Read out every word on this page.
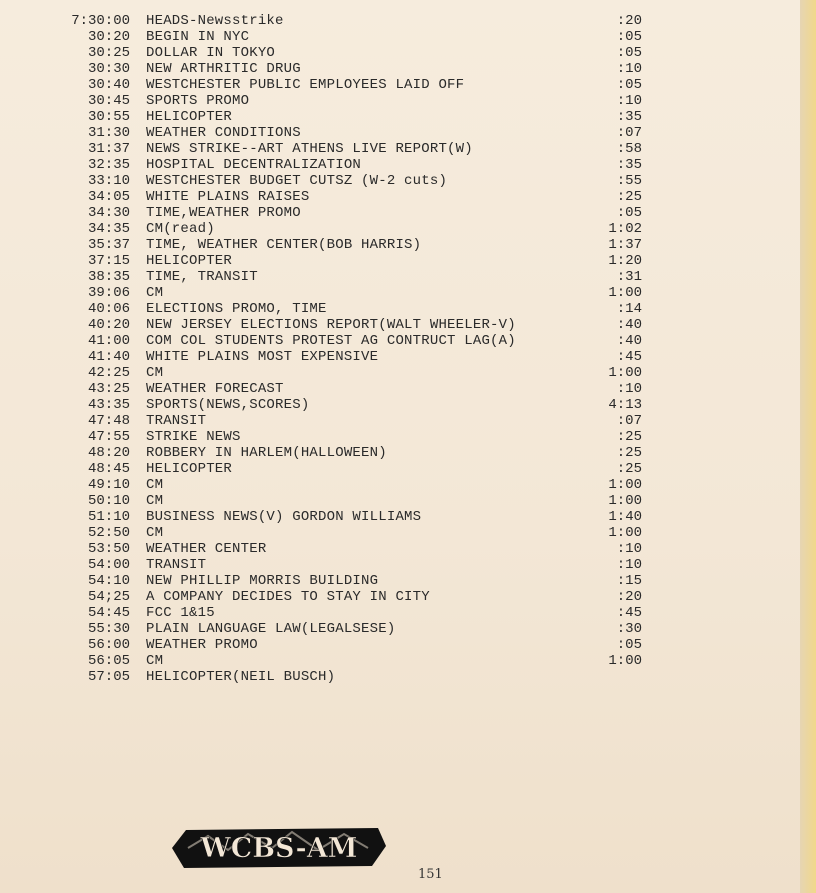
7:30:00 HEADS-Newsstrike	:20
30:20 BEGIN IN NYC	:05
30:25 DOLLAR IN TOKYO	:05
30:30 NEW ARTHRITIC DRUG	:10
30:40 WESTCHESTER PUBLIC EMPLOYEES LAID OFF	:05
30:45 SPORTS PROMO	:10
30:55 HELICOPTER	:35
31:30 WEATHER CONDITIONS	:07
31:37 NEWS STRIKE--ART ATHENS LIVE REPORT(W)	:58
32:35 HOSPITAL DECENTRALIZATION	:35
33:10 WESTCHESTER BUDGET CUTSZ (W-2 cuts)	:55
34:05 WHITE PLAINS RAISES	:25
34:30 TIME,WEATHER PROMO	:05
34:35 CM(read)	1:02
35:37 TIME, WEATHER CENTER(BOB HARRIS)	1:37
37:15 HELICOPTER	1:20
38:35 TIME, TRANSIT	:31
39:06 CM	1:00
40:06 ELECTIONS PROMO, TIME	:14
40:20 NEW JERSEY ELECTIONS REPORT(WALT WHEELER-V)	:40
41:00 COM COL STUDENTS PROTEST AG CONTRUCT LAG(A)	:40
41:40 WHITE PLAINS MOST EXPENSIVE	:45
42:25 CM	1:00
43:25 WEATHER FORECAST	:10
43:35 SPORTS(NEWS,SCORES)	4:13
47:48 TRANSIT	:07
47:55 STRIKE NEWS	:25
48:20 ROBBERY IN HARLEM(HALLOWEEN)	:25
48:45 HELICOPTER	:25
49:10 CM	1:00
50:10 CM	1:00
51:10 BUSINESS NEWS(V) GORDON WILLIAMS	1:40
52:50 CM	1:00
53:50 WEATHER CENTER	:10
54:00 TRANSIT	:10
54:10 NEW PHILLIP MORRIS BUILDING	:15
54;25 A COMPANY DECIDES TO STAY IN CITY	:20
54:45 FCC 1&15	:45
55:30 PLAIN LANGUAGE LAW(LEGALSESE)	:30
56:00 WEATHER PROMO	:05
56:05 CM	1:00
57:05 HELICOPTER(NEIL BUSCH)
WCBS-AM
151
